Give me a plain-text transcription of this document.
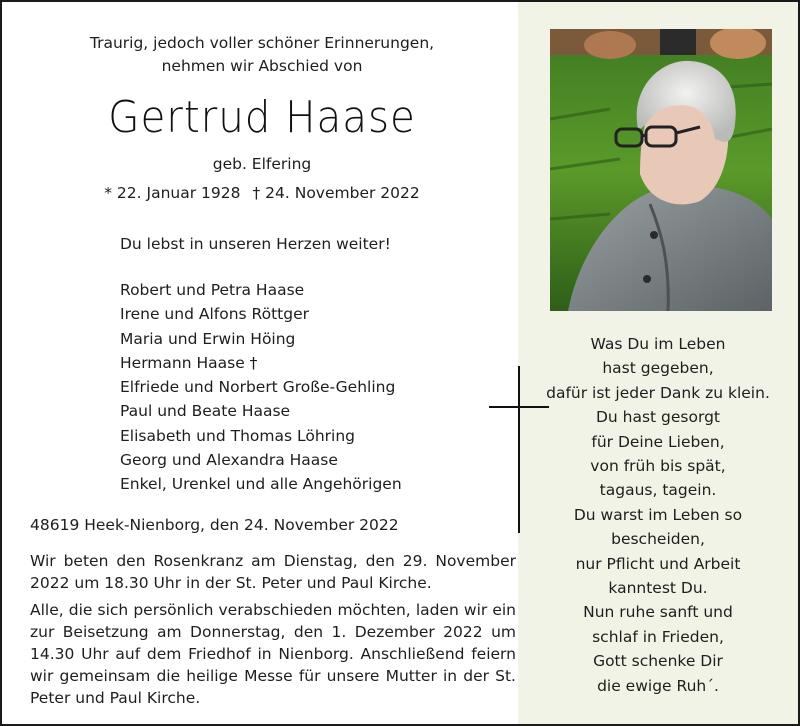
Traurig, jedoch voller schöner Erinnerungen,
nehmen wir Abschied von
Gertrud Haase
geb. Elfering
* 22. Januar 1928 † 24. November 2022
Du lebst in unseren Herzen weiter!
Robert und Petra Haase
Irene und Alfons Röttger
Maria und Erwin Höing
Hermann Haase †
Elfriede und Norbert Große-Gehling
Paul und Beate Haase
Elisabeth und Thomas Löhring
Georg und Alexandra Haase
Enkel, Urenkel und alle Angehörigen
48619 Heek-Nienborg, den 24. November 2022

Wir beten den Rosenkranz am Dienstag, den 29. November 2022 um 18.30 Uhr in der St. Peter und Paul Kirche.

Alle, die sich persönlich verabschieden möchten, laden wir ein zur Beisetzung am Donnerstag, den 1. Dezember 2022 um 14.30 Uhr auf dem Friedhof in Nienborg. Anschließend feiern wir gemeinsam die heilige Messe für unsere Mutter in der St. Peter und Paul Kirche.

Was Du im Leben
hast gegeben,
dafür ist jeder Dank zu klein.
Du hast gesorgt
für Deine Lieben,
von früh bis spät,
tagaus, tagein.
Du warst im Leben so
bescheiden,
nur Pflicht und Arbeit
kanntest Du.
Nun ruhe sanft und
schlaf in Frieden,
Gott schenke Dir
die ewige Ruh´.
